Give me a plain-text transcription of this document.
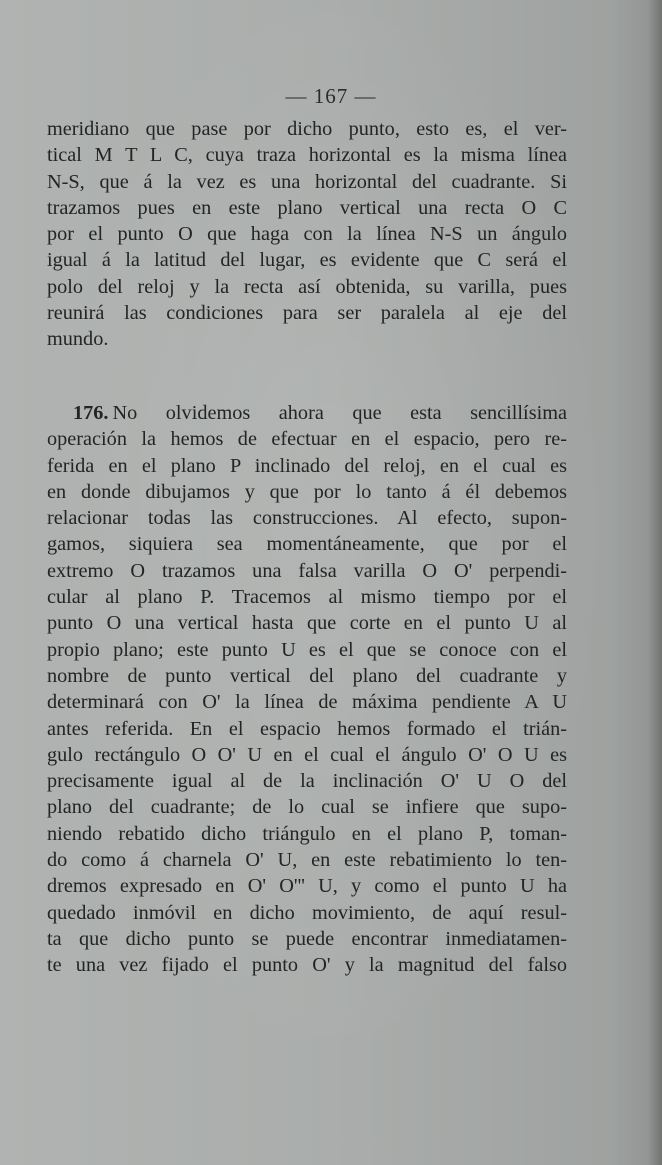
— 167 —
meridiano que pase por dicho punto, esto es, el ver-
tical M T L C, cuya traza horizontal es la misma línea
N-S, que á la vez es una horizontal del cuadrante. Si
trazamos pues en este plano vertical una recta O C
por el punto O que haga con la línea N-S un ángulo
igual á la latitud del lugar, es evidente que C será el
polo del reloj y la recta así obtenida, su varilla, pues
reunirá las condiciones para ser paralela al eje del
mundo.
176. No olvidemos ahora que esta sencillísima
operación la hemos de efectuar en el espacio, pero re-
ferida en el plano P inclinado del reloj, en el cual es
en donde dibujamos y que por lo tanto á él debemos
relacionar todas las construcciones. Al efecto, supon-
gamos, siquiera sea momentáneamente, que por el
extremo O trazamos una falsa varilla O O' perpendi-
cular al plano P. Tracemos al mismo tiempo por el
punto O una vertical hasta que corte en el punto U al
propio plano; este punto U es el que se conoce con el
nombre de punto vertical del plano del cuadrante y
determinará con O' la línea de máxima pendiente A U
antes referida. En el espacio hemos formado el trián-
gulo rectángulo O O' U en el cual el ángulo O' O U es
precisamente igual al de la inclinación O' U O del
plano del cuadrante; de lo cual se infiere que supo-
niendo rebatido dicho triángulo en el plano P, toman-
do como á charnela O' U, en este rebatimiento lo ten-
dremos expresado en O' O''' U, y como el punto U ha
quedado inmóvil en dicho movimiento, de aquí resul-
ta que dicho punto se puede encontrar inmediatamen-
te una vez fijado el punto O' y la magnitud del falso
